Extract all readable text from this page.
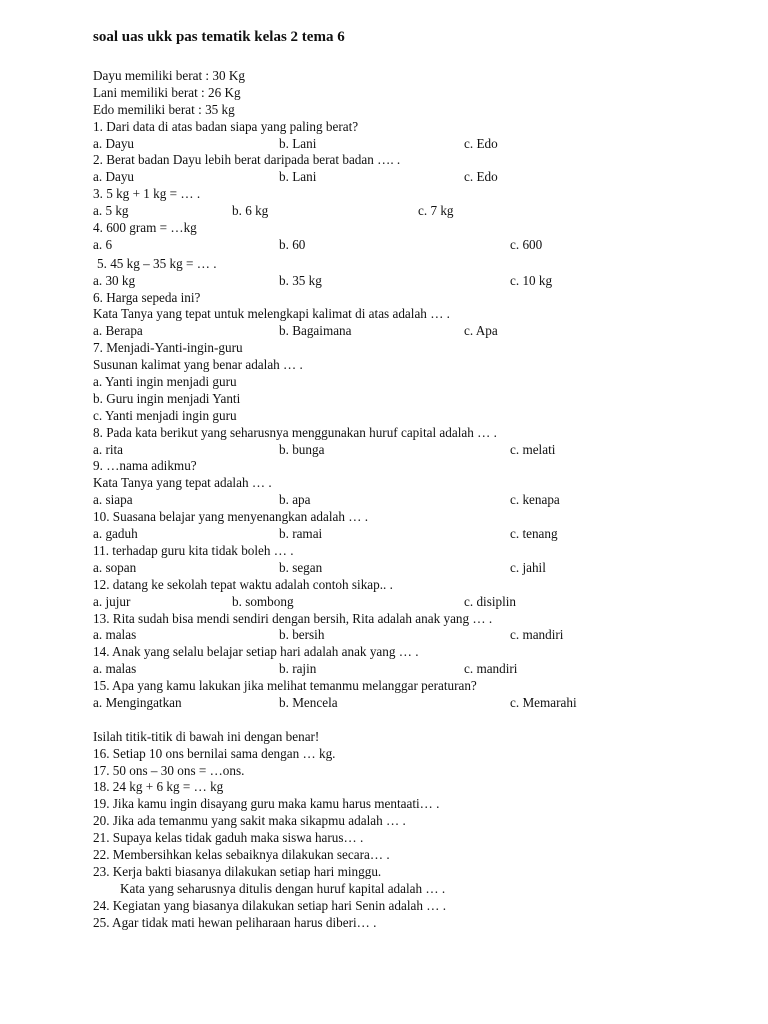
soal uas ukk pas tematik kelas 2 tema 6
Dayu memiliki berat : 30 Kg
Lani memiliki berat : 26 Kg
Edo memiliki berat : 35 kg
1. Dari data di atas badan siapa yang paling berat?
a. Dayu	b. Lani	c. Edo
2. Berat badan Dayu lebih berat daripada berat badan …. .
a. Dayu	b. Lani	c. Edo
3. 5 kg + 1 kg = … .
a. 5 kg	b. 6 kg	c. 7 kg
4. 600 gram = …kg
a. 6	b. 60	c. 600
5. 45 kg – 35 kg = … .
a. 30 kg	b. 35 kg	c. 10 kg
6. Harga sepeda ini?
Kata Tanya yang tepat untuk melengkapi kalimat di atas adalah … .
a. Berapa	b. Bagaimana	c. Apa
7. Menjadi-Yanti-ingin-guru
Susunan kalimat yang benar adalah … .
a. Yanti ingin menjadi guru
b. Guru ingin menjadi Yanti
c. Yanti menjadi ingin guru
8. Pada kata berikut yang seharusnya menggunakan huruf capital adalah … .
a. rita	b. bunga	c. melati
9. …nama adikmu?
Kata Tanya yang tepat adalah … .
a. siapa	b. apa	c. kenapa
10. Suasana belajar yang menyenangkan adalah … .
a. gaduh	b. ramai	c. tenang
11. terhadap guru kita tidak boleh … .
a. sopan	b. segan	c. jahil
12. datang ke sekolah tepat waktu adalah contoh sikap.. .
a. jujur	b. sombong	c. disiplin
13. Rita sudah bisa mendi sendiri dengan bersih, Rita adalah anak yang … .
a. malas	b. bersih	c. mandiri
14. Anak yang selalu belajar setiap hari adalah anak yang … .
a. malas	b. rajin	c. mandiri
15. Apa yang kamu lakukan jika melihat temanmu melanggar peraturan?
a. Mengingatkan	b. Mencela	c. Memarahi
Isilah titik-titik di bawah ini dengan benar!
16. Setiap 10 ons bernilai sama dengan … kg.
17. 50 ons – 30 ons = …ons.
18. 24 kg + 6 kg = … kg
19. Jika kamu ingin disayang guru maka kamu harus mentaati… .
20. Jika ada temanmu yang sakit maka sikapmu adalah … .
21. Supaya kelas tidak gaduh maka siswa harus… .
22. Membersihkan kelas sebaiknya dilakukan secara… .
23. Kerja bakti biasanya dilakukan setiap hari minggu.
Kata yang seharusnya ditulis dengan huruf kapital adalah … .
24. Kegiatan yang biasanya dilakukan setiap hari Senin adalah … .
25. Agar tidak mati hewan peliharaan harus diberi… .
